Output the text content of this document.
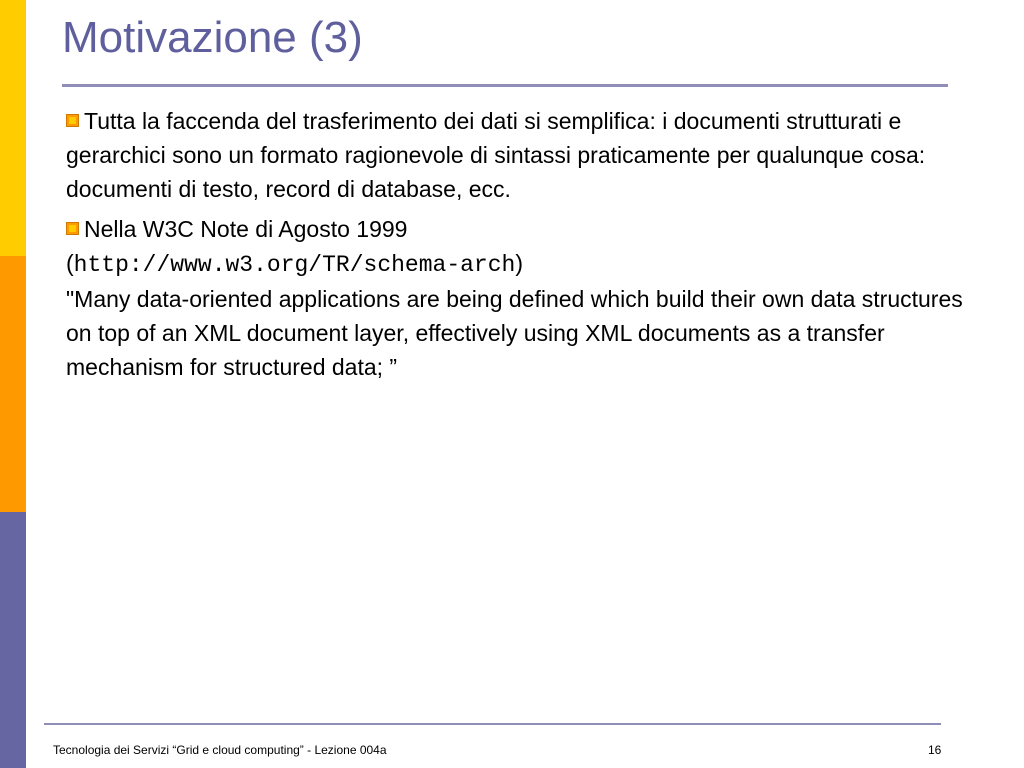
Motivazione (3)

Tutta la faccenda del trasferimento dei dati si semplifica: i documenti strutturati e gerarchici sono un formato ragionevole di sintassi praticamente per qualunque cosa: documenti di testo, record di database, ecc.

Nella W3C Note di Agosto 1999
(http://www.w3.org/TR/schema-arch)
"Many data-oriented applications are being defined which build their own data structures on top of an XML document layer, effectively using XML documents as a transfer mechanism for structured data; ”

Tecnologia dei Servizi “Grid e cloud computing” - Lezione 004a	16
